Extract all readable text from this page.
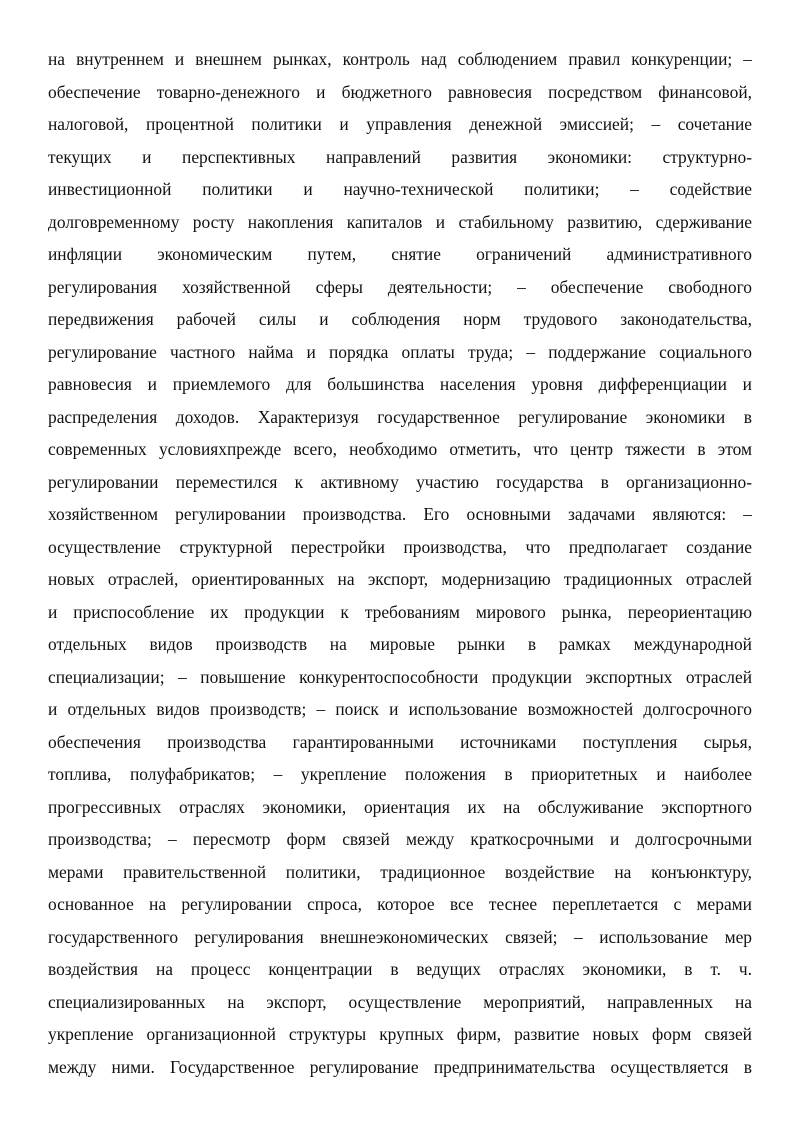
на внутреннем и внешнем рынках, контроль над соблюдением правил конкуренции; –
обеспечение товарно-денежного и бюджетного равновесия посредством финансовой,
налоговой, процентной политики и управления денежной эмиссией; – сочетание
текущих и перспективных направлений развития экономики: структурно-
инвестиционной политики и научно-технической политики; – содействие
долговременному росту накопления капиталов и стабильному развитию, сдерживание
инфляции экономическим путем, снятие ограничений административного
регулирования хозяйственной сферы деятельности; – обеспечение свободного
передвижения рабочей силы и соблюдения норм трудового законодательства,
регулирование частного найма и порядка оплаты труда; – поддержание социального
равновесия и приемлемого для большинства населения уровня дифференциации и
распределения доходов. Характеризуя государственное регулирование экономики в
современных условияхпрежде всего, необходимо отметить, что центр тяжести в этом
регулировании переместился к активному участию государства в организационно-
хозяйственном регулировании производства. Его основными задачами являются: –
осуществление структурной перестройки производства, что предполагает создание
новых отраслей, ориентированных на экспорт, модернизацию традиционных отраслей
и приспособление их продукции к требованиям мирового рынка, переориентацию
отдельных видов производств на мировые рынки в рамках международной
специализации; – повышение конкурентоспособности продукции экспортных отраслей
и отдельных видов производств; – поиск и использование возможностей долгосрочного
обеспечения производства гарантированными источниками поступления сырья,
топлива, полуфабрикатов; – укрепление положения в приоритетных и наиболее
прогрессивных отраслях экономики, ориентация их на обслуживание экспортного
производства; – пересмотр форм связей между краткосрочными и долгосрочными
мерами правительственной политики, традиционное воздействие на конъюнктуру,
основанное на регулировании спроса, которое все теснее переплетается с мерами
государственного регулирования внешнеэкономических связей; – использование мер
воздействия на процесс концентрации в ведущих отраслях экономики, в т. ч.
специализированных на экспорт, осуществление мероприятий, направленных на
укрепление организационной структуры крупных фирм, развитие новых форм связей
между ними. Государственное регулирование предпринимательства осуществляется в
